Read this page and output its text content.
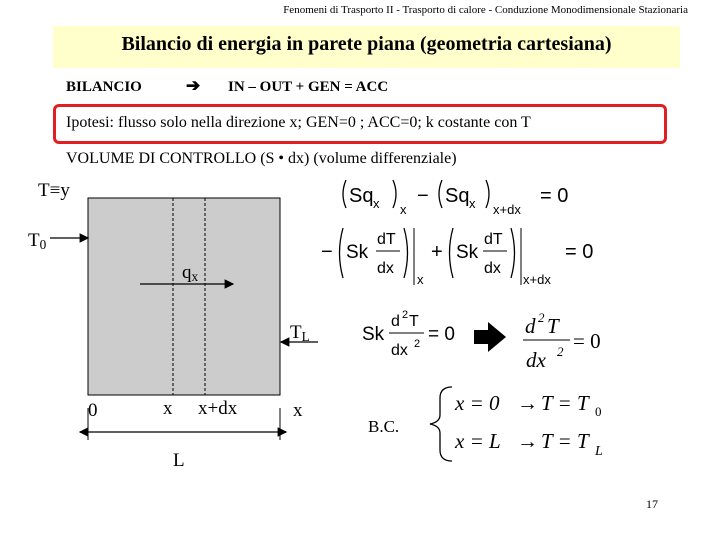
Fenomeni di Trasporto II - Trasporto di calore - Conduzione Monodimensionale Stazionaria
Bilancio di energia in parete piana (geometria cartesiana)
BILANCIO	➔ IN – OUT + GEN = ACC
Ipotesi: flusso solo nella direzione x; GEN=0 ; ACC=0; k costante con T
VOLUME DI CONTROLLO (S • dx) (volume differenziale)
T≡y
$T_0$
$q_x$
$T_L$
0	x x+dx	x
L
Sq x x
− Sq x x+dx
= 0
− Sk
dT
dx
x
+ Sk
dT
dx
x+dx
= 0
Sk
d 2 T
dx 2 = 0	d 2 T
dx 2 = 0
x = 0 → T = T 0
x = L → T = T L
B.C.
17
